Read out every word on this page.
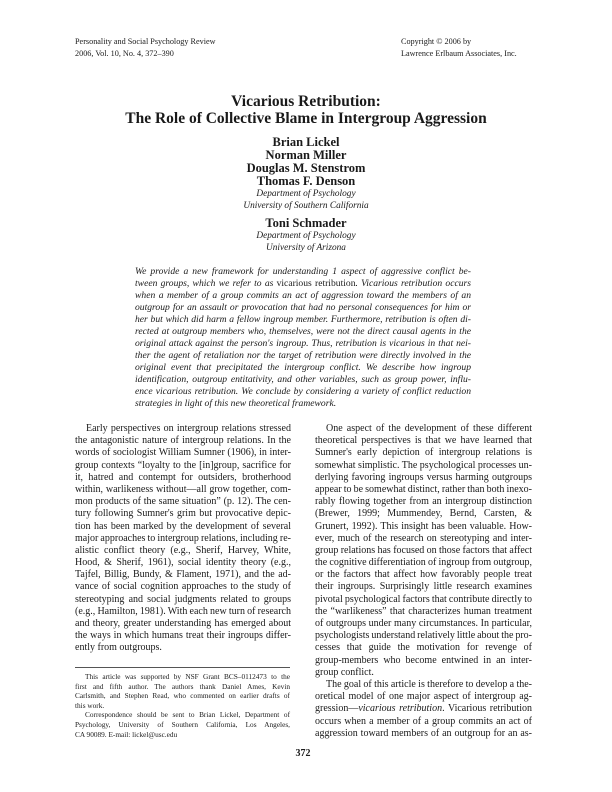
Personality and Social Psychology Review
2006, Vol. 10, No. 4, 372–390
Copyright © 2006 by
Lawrence Erlbaum Associates, Inc.
Vicarious Retribution:
The Role of Collective Blame in Intergroup Aggression
Brian Lickel
Norman Miller
Douglas M. Stenstrom
Thomas F. Denson
Department of Psychology
University of Southern California
Toni Schmader
Department of Psychology
University of Arizona
We provide a new framework for understanding 1 aspect of aggressive conflict be-
tween groups, which we refer to as vicarious retribution. Vicarious retribution occurs
when a member of a group commits an act of aggression toward the members of an
outgroup for an assault or provocation that had no personal consequences for him or
her but which did harm a fellow ingroup member. Furthermore, retribution is often di-
rected at outgroup members who, themselves, were not the direct causal agents in the
original attack against the person's ingroup. Thus, retribution is vicarious in that nei-
ther the agent of retaliation nor the target of retribution were directly involved in the
original event that precipitated the intergroup conflict. We describe how ingroup
identification, outgroup entitativity, and other variables, such as group power, influ-
ence vicarious retribution. We conclude by considering a variety of conflict reduction
strategies in light of this new theoretical framework.
Early perspectives on intergroup relations stressed
the antagonistic nature of intergroup relations. In the
words of sociologist William Sumner (1906), in inter-
group contexts “loyalty to the [in]group, sacrifice for
it, hatred and contempt for outsiders, brotherhood
within, warlikeness without—all grow together, com-
mon products of the same situation” (p. 12). The cen-
tury following Sumner's grim but provocative depic-
tion has been marked by the development of several
major approaches to intergroup relations, including re-
alistic conflict theory (e.g., Sherif, Harvey, White,
Hood, & Sherif, 1961), social identity theory (e.g.,
Tajfel, Billig, Bundy, & Flament, 1971), and the ad-
vance of social cognition approaches to the study of
stereotyping and social judgments related to groups
(e.g., Hamilton, 1981). With each new turn of research
and theory, greater understanding has emerged about
the ways in which humans treat their ingroups differ-
ently from outgroups.
One aspect of the development of these different
theoretical perspectives is that we have learned that
Sumner's early depiction of intergroup relations is
somewhat simplistic. The psychological processes un-
derlying favoring ingroups versus harming outgroups
appear to be somewhat distinct, rather than both inexo-
rably flowing together from an intergroup distinction
(Brewer, 1999; Mummendey, Bernd, Carsten, &
Grunert, 1992). This insight has been valuable. How-
ever, much of the research on stereotyping and inter-
group relations has focused on those factors that affect
the cognitive differentiation of ingroup from outgroup,
or the factors that affect how favorably people treat
their ingroups. Surprisingly little research examines
pivotal psychological factors that contribute directly to
the “warlikeness” that characterizes human treatment
of outgroups under many circumstances. In particular,
psychologists understand relatively little about the pro-
cesses that guide the motivation for revenge of
group-members who become entwined in an inter-
group conflict.
The goal of this article is therefore to develop a the-
oretical model of one major aspect of intergroup ag-
gression—vicarious retribution. Vicarious retribution
occurs when a member of a group commits an act of
aggression toward members of an outgroup for an as-
This article was supported by NSF Grant BCS–0112473 to the
first and fifth author. The authors thank Daniel Ames, Kevin
Carlsmith, and Stephen Read, who commented on earlier drafts of
this work.
Correspondence should be sent to Brian Lickel, Department of
Psychology, University of Southern California, Los Angeles,
CA 90089. E-mail: lickel@usc.edu
372
